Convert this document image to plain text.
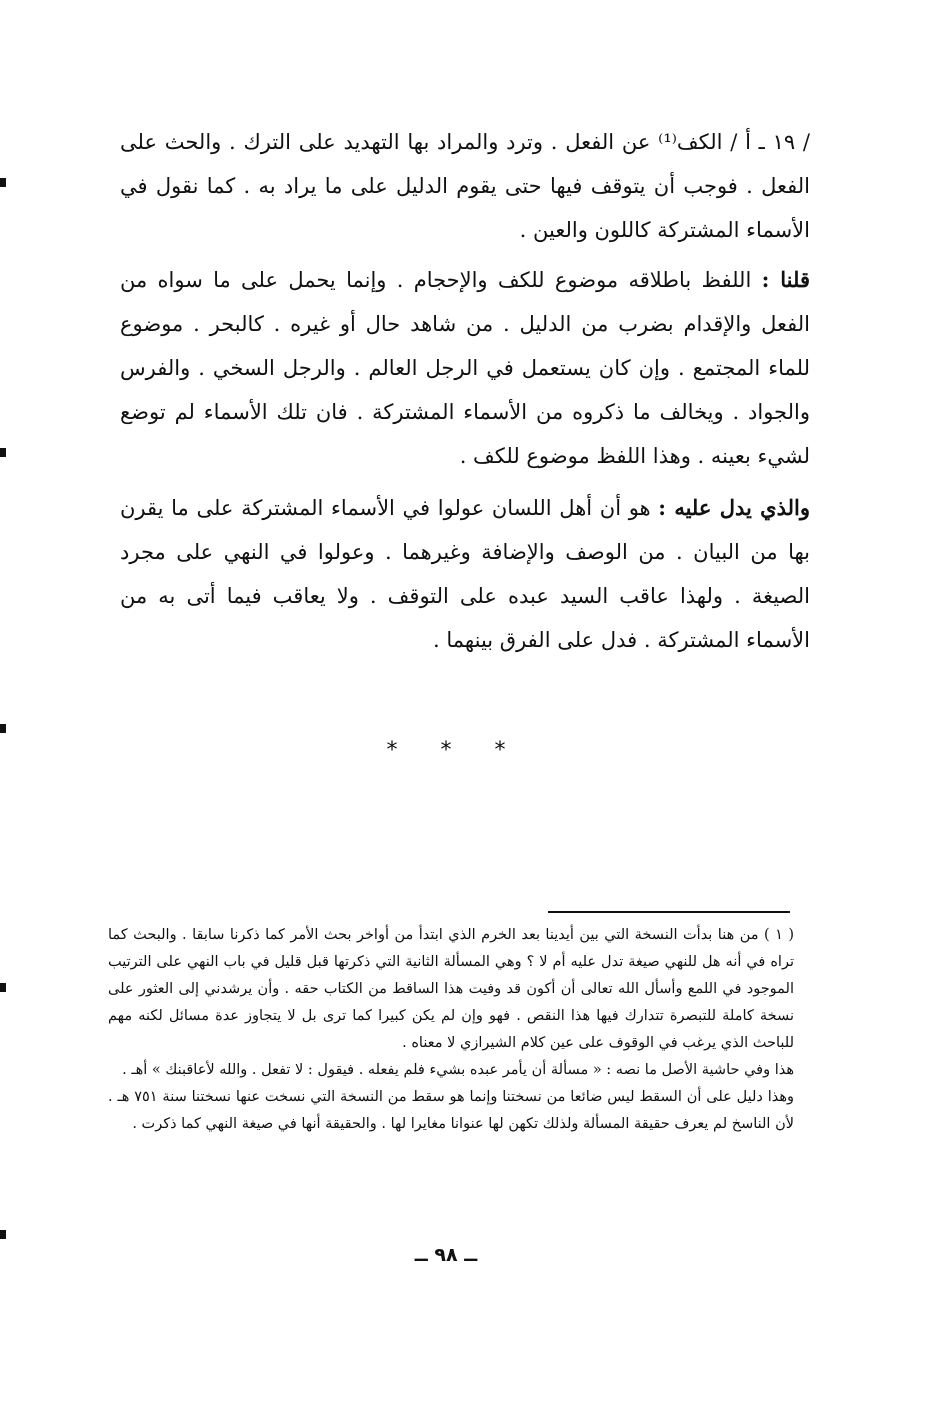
/ ١٩ ـ أ / الكف⁽¹⁾ عن الفعل . وترد والمراد بها التهديد على الترك . والحث على الفعل . فوجب أن يتوقف فيها حتى يقوم الدليل على ما يراد به . كما نقول في الأسماء المشتركة كاللون والعين .
قلنا : اللفظ باطلاقه موضوع للكف والإحجام . وإنما يحمل على ما سواه من الفعل والإقدام بضرب من الدليل . من شاهد حال أو غيره . كالبحر . موضوع للماء المجتمع . وإن كان يستعمل في الرجل العالم . والرجل السخي . والفرس والجواد . ويخالف ما ذكروه من الأسماء المشتركة . فان تلك الأسماء لم توضع لشيء بعينه . وهذا اللفظ موضوع للكف .
والذي يدل عليه : هو أن أهل اللسان عولوا في الأسماء المشتركة على ما يقرن بها من البيان . من الوصف والإضافة وغيرهما . وعولوا في النهي على مجرد الصيغة . ولهذا عاقب السيد عبده على التوقف . ولا يعاقب فيما أتى به من الأسماء المشتركة . فدل على الفرق بينهما .
* * *

( ١ ) من هنا بدأت النسخة التي بين أيدينا بعد الخرم الذي ابتدأ من أواخر بحث الأمر كما ذكرنا سابقا . والبحث كما تراه في أنه هل للنهي صيغة تدل عليه أم لا ؟ وهي المسألة الثانية التي ذكرتها قبل قليل في باب النهي على الترتيب الموجود في اللمع وأسأل الله تعالى أن أكون قد وفيت هذا الساقط من الكتاب حقه . وأن يرشدني إلى العثور على نسخة كاملة للتبصرة تتدارك فيها هذا النقص . فهو وإن لم يكن كبيرا كما ترى بل لا يتجاوز عدة مسائل لكنه مهم للباحث الذي يرغب في الوقوف على عين كلام الشيرازي لا معناه .

هذا وفي حاشية الأصل ما نصه : « مسألة أن يأمر عبده بشيء فلم يفعله . فيقول : لا تفعل . والله لأعاقبنك » أهـ .

وهذا دليل على أن السقط ليس ضائعا من نسختنا وإنما هو سقط من النسخة التي نسخت عنها نسختنا سنة ٧٥١ هـ . لأن الناسخ لم يعرف حقيقة المسألة ولذلك تكهن لها عنوانا مغايرا لها . والحقيقة أنها في صيغة النهي كما ذكرت .

ــ ٩٨ ــ
